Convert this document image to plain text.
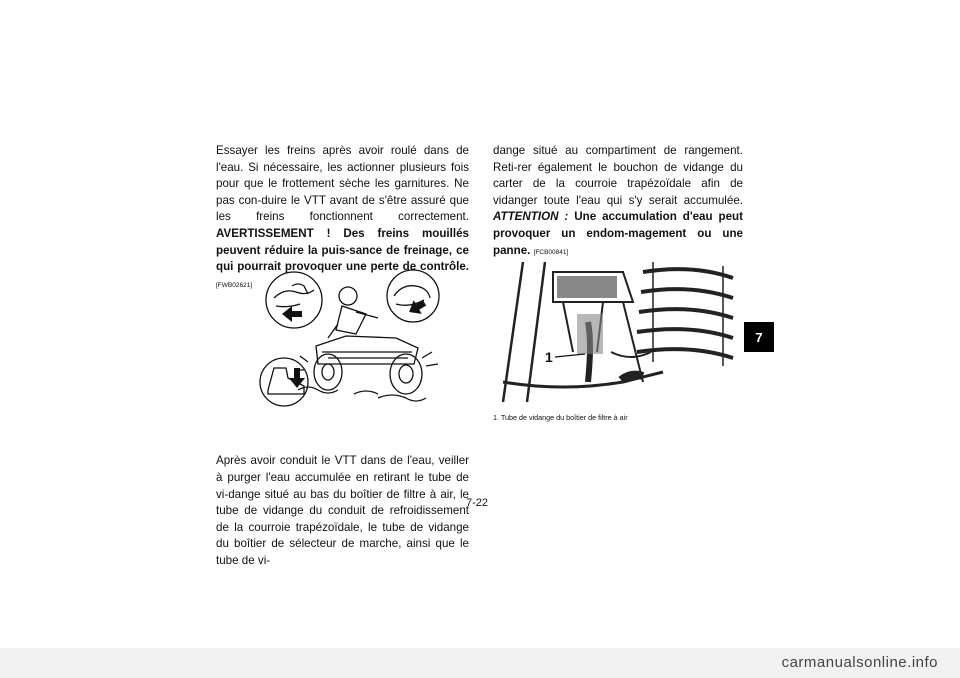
Essayer les freins après avoir roulé dans de l'eau. Si nécessaire, les actionner plusieurs fois pour que le frottement sèche les garnitures. Ne pas con-duire le VTT avant de s'être assuré que les freins fonctionnent correctement. AVERTISSEMENT ! Des freins mouillés peuvent réduire la puis-sance de freinage, ce qui pourrait provoquer une perte de contrôle. [FWB02621]

Après avoir conduit le VTT dans de l'eau, veiller à purger l'eau accumulée en retirant le tube de vi-dange situé au bas du boîtier de filtre à air, le tube de vidange du conduit de refroidissement de la courroie trapézoïdale, le tube de vidange du boîtier de sélecteur de marche, ainsi que le tube de vi-

dange situé au compartiment de rangement. Reti-rer également le bouchon de vidange du carter de la courroie trapézoïdale afin de vidanger toute l'eau qui s'y serait accumulée. ATTENTION : Une accumulation d'eau peut provoquer un endom-magement ou une panne. [FCB00841]

1
1. Tube de vidange du boîtier de filtre à air
7-22
7
carmanualsonline.info
